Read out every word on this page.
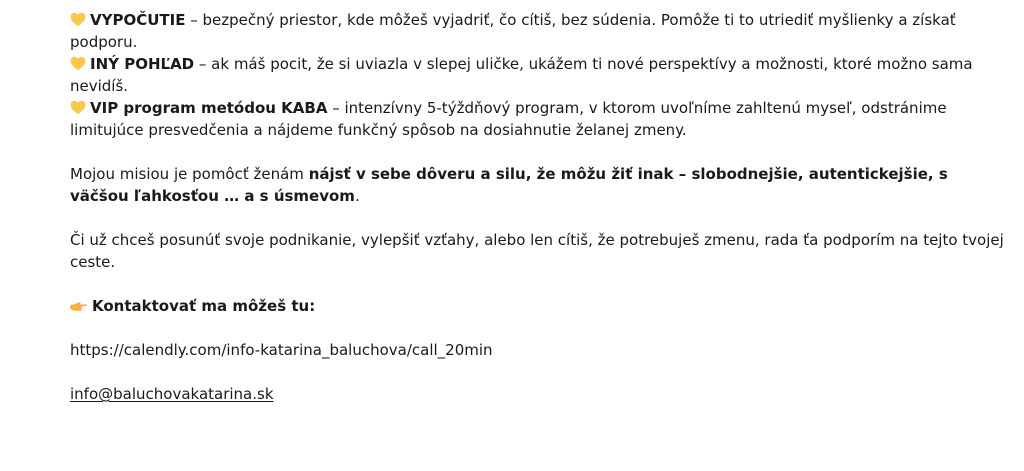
VYPOČUTIE – bezpečný priestor, kde môžeš vyjadriť, čo cítiš, bez súdenia. Pomôže ti to utriediť myšlienky a získať podporu.

INÝ POHĽAD – ak máš pocit, že si uviazla v slepej uličke, ukážem ti nové perspektívy a možnosti, ktoré možno sama nevidíš.

VIP program metódou KABA – intenzívny 5-týždňový program, v ktorom uvoľníme zahltenú myseľ, odstránime limitujúce presvedčenia a nájdeme funkčný spôsob na dosiahnutie želanej zmeny.

Mojou misiou je pomôcť ženám nájsť v sebe dôveru a silu, že môžu žiť inak – slobodnejšie, autentickejšie, s väčšou ľahkosťou … a s úsmevom.

Či už chceš posunúť svoje podnikanie, vylepšiť vzťahy, alebo len cítiš, že potrebuješ zmenu, rada ťa podporím na tejto tvojej ceste.

Kontaktovať ma môžeš tu:

https://calendly.com/info-katarina_baluchova/call_20min

info@baluchovakatarina.sk
